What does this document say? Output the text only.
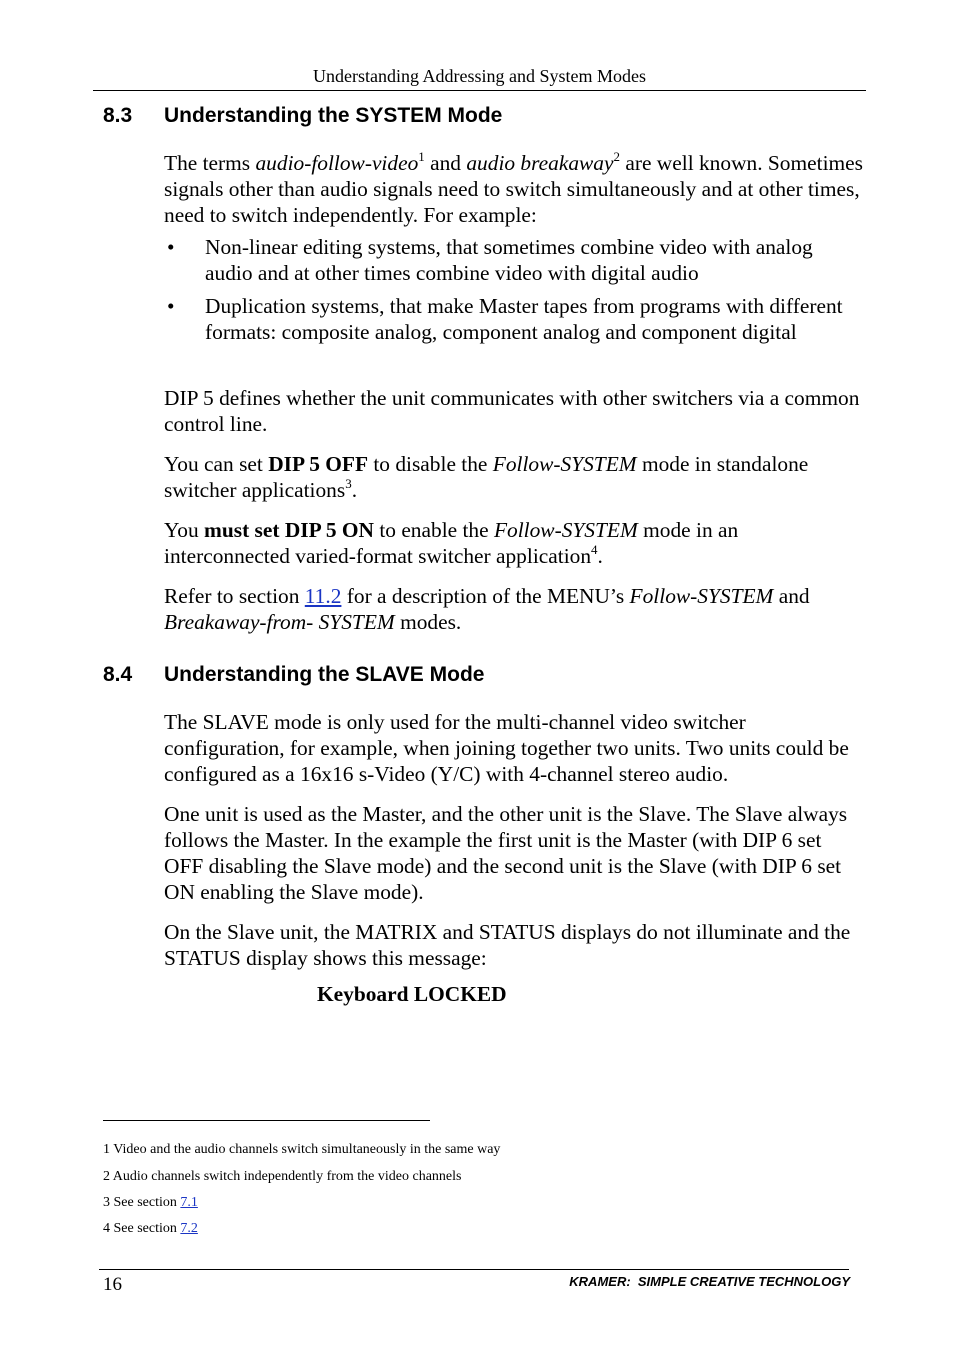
Understanding Addressing and System Modes
8.3 Understanding the SYSTEM Mode

The terms audio-follow-video$^1$ and audio breakaway$^2$ are well known. Sometimes signals other than audio signals need to switch simultaneously and at other times, need to switch independently. For example:

• Non-linear editing systems, that sometimes combine video with analog audio and at other times combine video with digital audio
• Duplication systems, that make Master tapes from programs with different formats: composite analog, component analog and component digital

DIP 5 defines whether the unit communicates with other switchers via a common control line.

You can set DIP 5 OFF to disable the Follow-SYSTEM mode in standalone switcher applications$^3$.

You must set DIP 5 ON to enable the Follow-SYSTEM mode in an interconnected varied-format switcher application$^4$.

Refer to section 11.2 for a description of the MENU’s Follow-SYSTEM and Breakaway-from- SYSTEM modes.

8.4 Understanding the SLAVE Mode

The SLAVE mode is only used for the multi-channel video switcher configuration, for example, when joining together two units. Two units could be configured as a 16x16 s-Video (Y/C) with 4-channel stereo audio.

One unit is used as the Master, and the other unit is the Slave. The Slave always follows the Master. In the example the first unit is the Master (with DIP 6 set OFF disabling the Slave mode) and the second unit is the Slave (with DIP 6 set ON enabling the Slave mode).

On the Slave unit, the MATRIX and STATUS displays do not illuminate and the STATUS display shows this message:

Keyboard LOCKED

1 Video and the audio channels switch simultaneously in the same way

2 Audio channels switch independently from the video channels

3 See section 7.1

4 See section 7.2

16	KRAMER:  SIMPLE CREATIVE TECHNOLOGY
